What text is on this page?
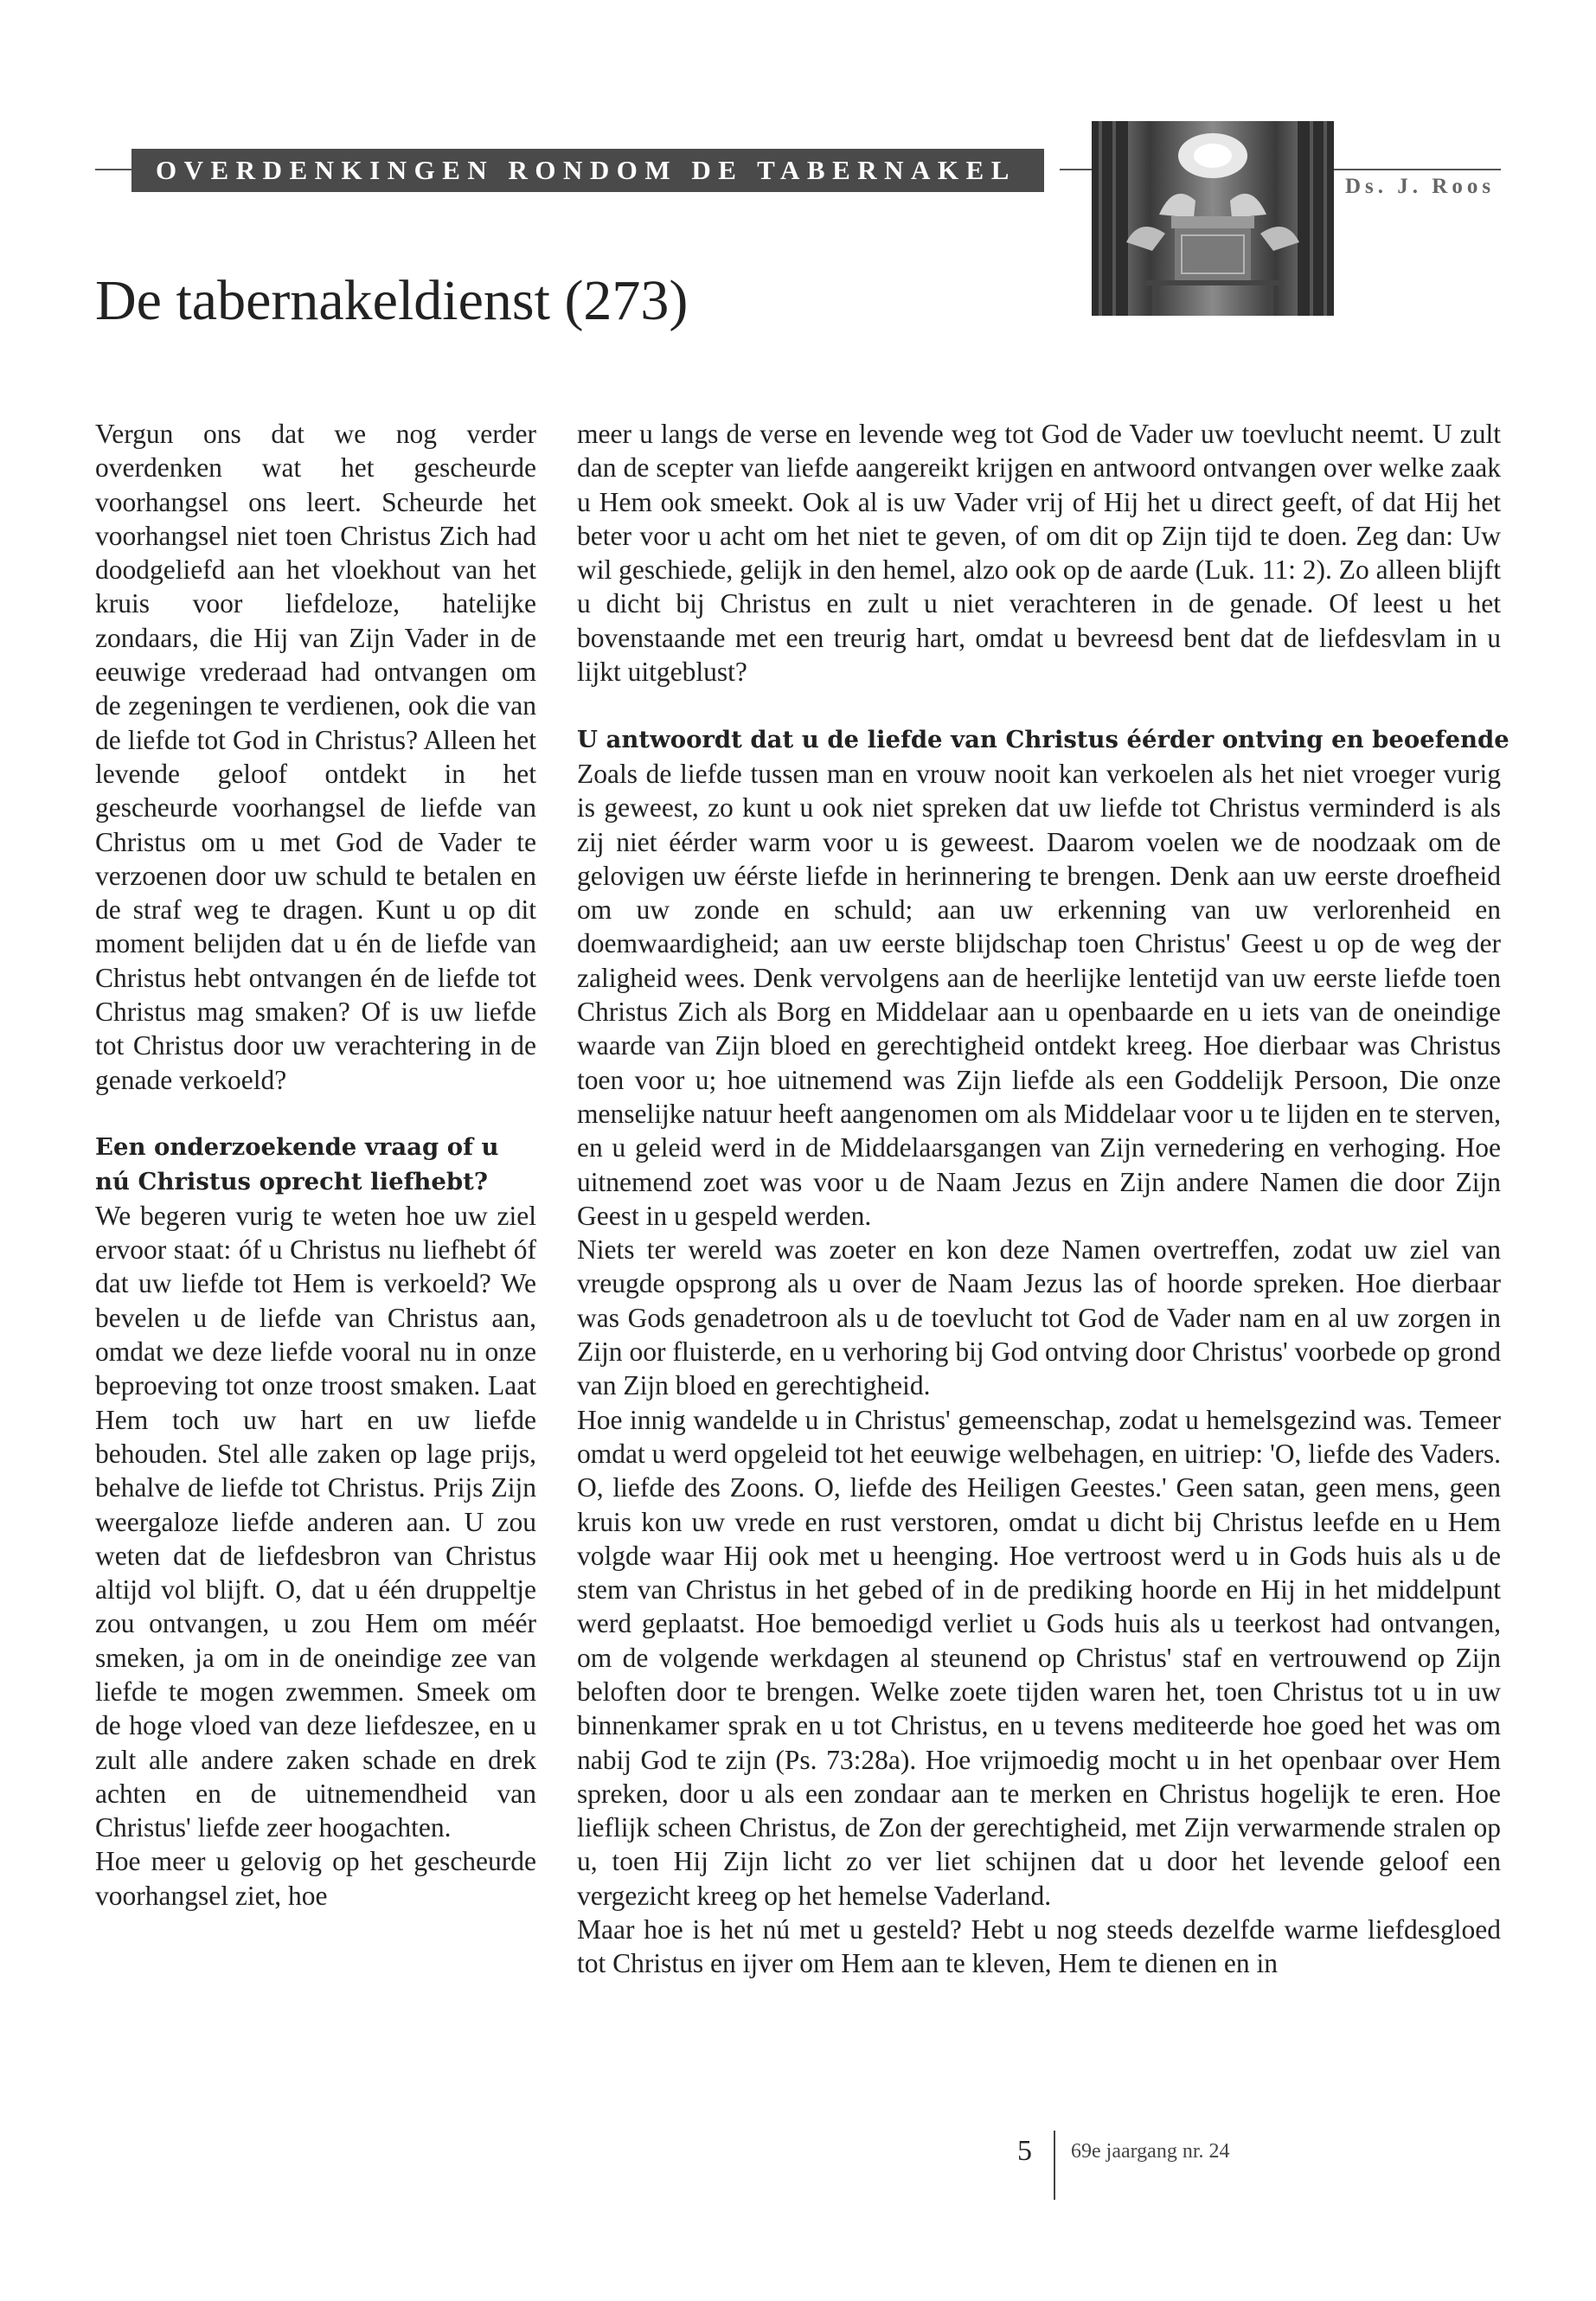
OVERDENKINGEN RONDOM DE TABERNAKEL
Ds. J. Roos
De tabernakeldienst (273)

Vergun ons dat we nog verder overdenken wat het gescheurde voorhangsel ons leert. Scheurde het voorhangsel niet toen Christus Zich had doodgeliefd aan het vloekhout van het kruis voor liefdeloze, hatelijke zondaars, die Hij van Zijn Vader in de eeuwige vrederaad had ontvangen om de zegeningen te verdienen, ook die van de liefde tot God in Christus? Alleen het levende geloof ontdekt in het gescheurde voorhangsel de liefde van Christus om u met God de Vader te verzoenen door uw schuld te betalen en de straf weg te dragen. Kunt u op dit moment belijden dat u én de liefde van Christus hebt ontvangen én de liefde tot Christus mag smaken? Of is uw liefde tot Christus door uw verachtering in de genade verkoeld?

Een onderzoekende vraag of u nú Christus oprecht liefhebt?

We begeren vurig te weten hoe uw ziel ervoor staat: óf u Christus nu liefhebt óf dat uw liefde tot Hem is verkoeld? We bevelen u de liefde van Christus aan, omdat we deze liefde vooral nu in onze beproeving tot onze troost smaken. Laat Hem toch uw hart en uw liefde behouden. Stel alle zaken op lage prijs, behalve de liefde tot Christus. Prijs Zijn weergaloze liefde anderen aan. U zou weten dat de liefdesbron van Christus altijd vol blijft. O, dat u één druppeltje zou ontvangen, u zou Hem om méér smeken, ja om in de oneindige zee van liefde te mogen zwemmen. Smeek om de hoge vloed van deze liefdeszee, en u zult alle andere zaken schade en drek achten en de uitnemendheid van Christus' liefde zeer hoogachten.

Hoe meer u gelovig op het gescheurde voorhangsel ziet, hoe

meer u langs de verse en levende weg tot God de Vader uw toevlucht neemt. U zult dan de scepter van liefde aangereikt krijgen en antwoord ontvangen over welke zaak u Hem ook smeekt. Ook al is uw Vader vrij of Hij het u direct geeft, of dat Hij het beter voor u acht om het niet te geven, of om dit op Zijn tijd te doen. Zeg dan: Uw wil geschiede, gelijk in den hemel, alzo ook op de aarde (Luk. 11: 2). Zo alleen blijft u dicht bij Christus en zult u niet verachteren in de genade. Of leest u het bovenstaande met een treurig hart, omdat u bevreesd bent dat de liefdesvlam in u lijkt uitgeblust?

U antwoordt dat u de liefde van Christus éérder ontving en beoefende

Zoals de liefde tussen man en vrouw nooit kan verkoelen als het niet vroeger vurig is geweest, zo kunt u ook niet spreken dat uw liefde tot Christus verminderd is als zij niet éérder warm voor u is geweest. Daarom voelen we de noodzaak om de gelovigen uw éérste liefde in herinnering te brengen. Denk aan uw eerste droefheid om uw zonde en schuld; aan uw erkenning van uw verlorenheid en doemwaardigheid; aan uw eerste blijdschap toen Christus' Geest u op de weg der zaligheid wees. Denk vervolgens aan de heerlijke lentetijd van uw eerste liefde toen Christus Zich als Borg en Middelaar aan u openbaarde en u iets van de oneindige waarde van Zijn bloed en gerechtigheid ontdekt kreeg. Hoe dierbaar was Christus toen voor u; hoe uitnemend was Zijn liefde als een Goddelijk Persoon, Die onze menselijke natuur heeft aangenomen om als Middelaar voor u te lijden en te sterven, en u geleid werd in de Middelaarsgangen van Zijn vernedering en verhoging. Hoe uitnemend zoet was voor u de Naam Jezus en Zijn andere Namen die door Zijn Geest in u gespeld werden.

Niets ter wereld was zoeter en kon deze Namen overtreffen, zodat uw ziel van vreugde opsprong als u over de Naam Jezus las of hoorde spreken. Hoe dierbaar was Gods genadetroon als u de toevlucht tot God de Vader nam en al uw zorgen in Zijn oor fluisterde, en u verhoring bij God ontving door Christus' voorbede op grond van Zijn bloed en gerechtigheid.

Hoe innig wandelde u in Christus' gemeenschap, zodat u hemelsgezind was. Temeer omdat u werd opgeleid tot het eeuwige welbehagen, en uitriep: 'O, liefde des Vaders. O, liefde des Zoons. O, liefde des Heiligen Geestes.' Geen satan, geen mens, geen kruis kon uw vrede en rust verstoren, omdat u dicht bij Christus leefde en u Hem volgde waar Hij ook met u heenging. Hoe vertroost werd u in Gods huis als u de stem van Christus in het gebed of in de prediking hoorde en Hij in het middelpunt werd geplaatst. Hoe bemoedigd verliet u Gods huis als u teerkost had ontvangen, om de volgende werkdagen al steunend op Christus' staf en vertrouwend op Zijn beloften door te brengen. Welke zoete tijden waren het, toen Christus tot u in uw binnenkamer sprak en u tot Christus, en u tevens mediteerde hoe goed het was om nabij God te zijn (Ps. 73:28a). Hoe vrijmoedig mocht u in het openbaar over Hem spreken, door u als een zondaar aan te merken en Christus hogelijk te eren. Hoe lieflijk scheen Christus, de Zon der gerechtigheid, met Zijn verwarmende stralen op u, toen Hij Zijn licht zo ver liet schijnen dat u door het levende geloof een vergezicht kreeg op het hemelse Vaderland.

Maar hoe is het nú met u gesteld? Hebt u nog steeds dezelfde warme liefdesgloed tot Christus en ijver om Hem aan te kleven, Hem te dienen en in

5 69e jaargang nr. 24
